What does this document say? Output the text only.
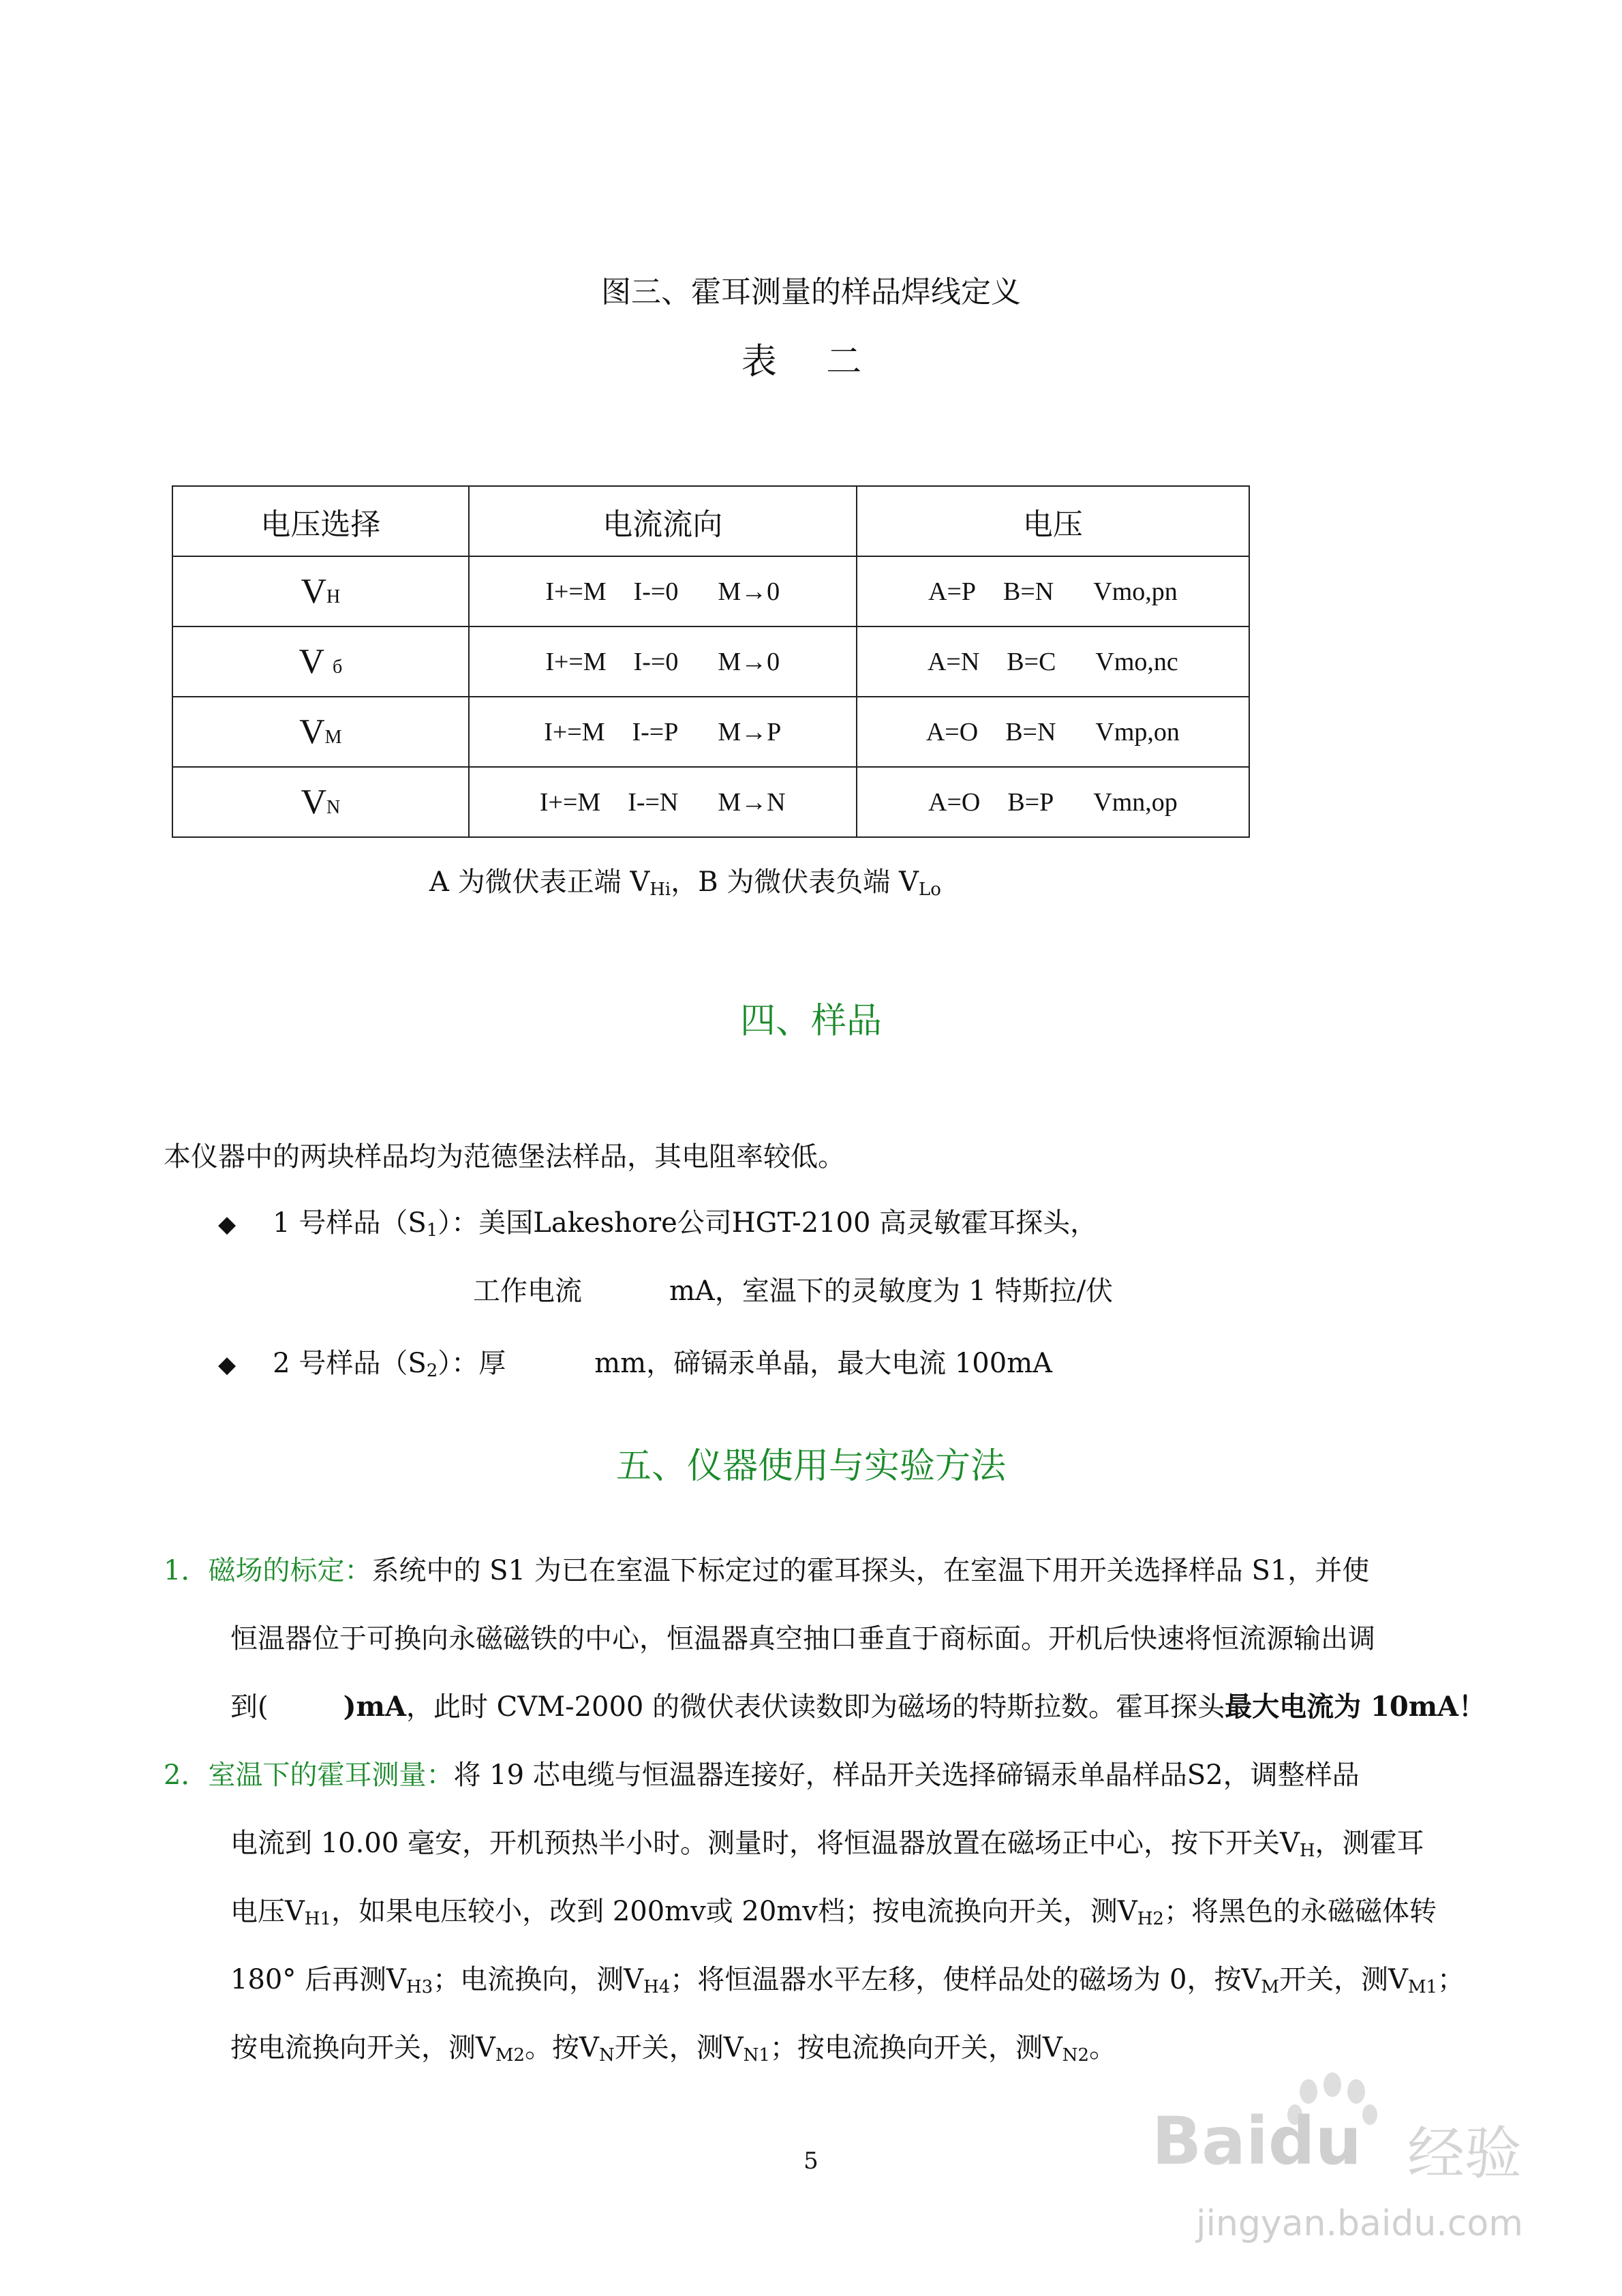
图三、霍耳测量的样品焊线定义
表 二
电压选择	电流流向	电压
VH	I+=M I-=0 M→0	A=P B=N Vmo,pn
V б	I+=M I-=0 M→0	A=N B=C Vmo,nc
VM	I+=M I-=P M→P	A=O B=N Vmp,on
VN	I+=M I-=N M→N	A=O B=P Vmn,op
A 为微伏表正端 $V_{Hi}$，B 为微伏表负端 $V_{Lo}$
四、样品
本仪器中的两块样品均为范德堡法样品，其电阻率较低。
◆ 1 号样品$(S_1)$：美国Lakeshore公司HGT-2100 高灵敏霍耳探头，
工作电流	mA，室温下的灵敏度为 1 特斯拉/伏
◆ 2 号样品$(S_2)$：厚	mm，碲镉汞单晶，最大电流 100mA
五、仪器使用与实验方法
1．磁场的标定：系统中的 S1 为已在室温下标定过的霍耳探头，在室温下用开关选择样品 S1，并使
恒温器位于可换向永磁磁铁的中心，恒温器真空抽口垂直于商标面。开机后快速将恒流源输出调
到(	)mA，此时 CVM-2000 的微伏表伏读数即为磁场的特斯拉数。霍耳探头最大电流为 10mA！
2．室温下的霍耳测量：将 19 芯电缆与恒温器连接好，样品开关选择碲镉汞单晶样品S2，调整样品
电流到 10.00 毫安，开机预热半小时。测量时，将恒温器放置在磁场正中心，按下开关$V_H$，测霍耳
电压$V_{H1}$，如果电压较小，改到 200mv或 20mv档；按电流换向开关，测$V_{H2}$；将黑色的永磁磁体转
180° 后再测$V_{H3}$；电流换向，测$V_{H4}$；将恒温器水平左移，使样品处的磁场为 0，按$V_M$开关，测$V_{M1}$；
按电流换向开关，测$V_{M2}$。按$V_N$开关，测$V_{N1}$；按电流换向开关，测$V_{N2}$。
5	Baidu 经验
jingyan.baidu.com
